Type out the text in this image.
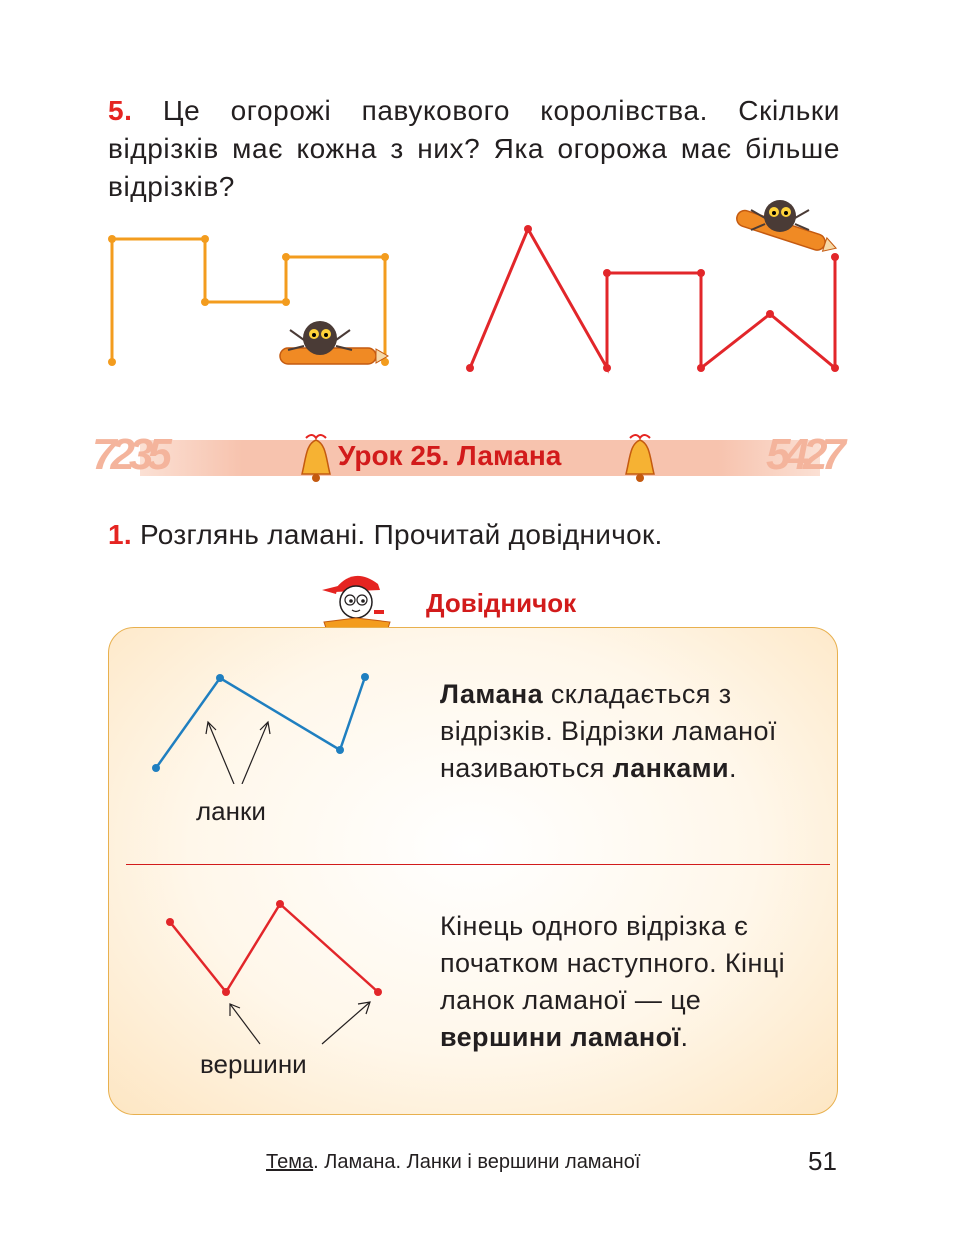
5. Це огорожі павукового королівства. Скільки відрізків має кожна з них? Яка огорожа має більше відрізків?
7235	5427
Урок 25. Ламана
1. Розглянь ламані. Прочитай довідничок.
Довідничок
ланки
Ламана складається з відрізків. Відрізки ламаної називаються ланками.
вершини
Кінець одного відрізка є початком наступного. Кінці ланок ламаної — це вершини ламаної.
Тема. Ламана. Ланки і вершини ламаної	51
